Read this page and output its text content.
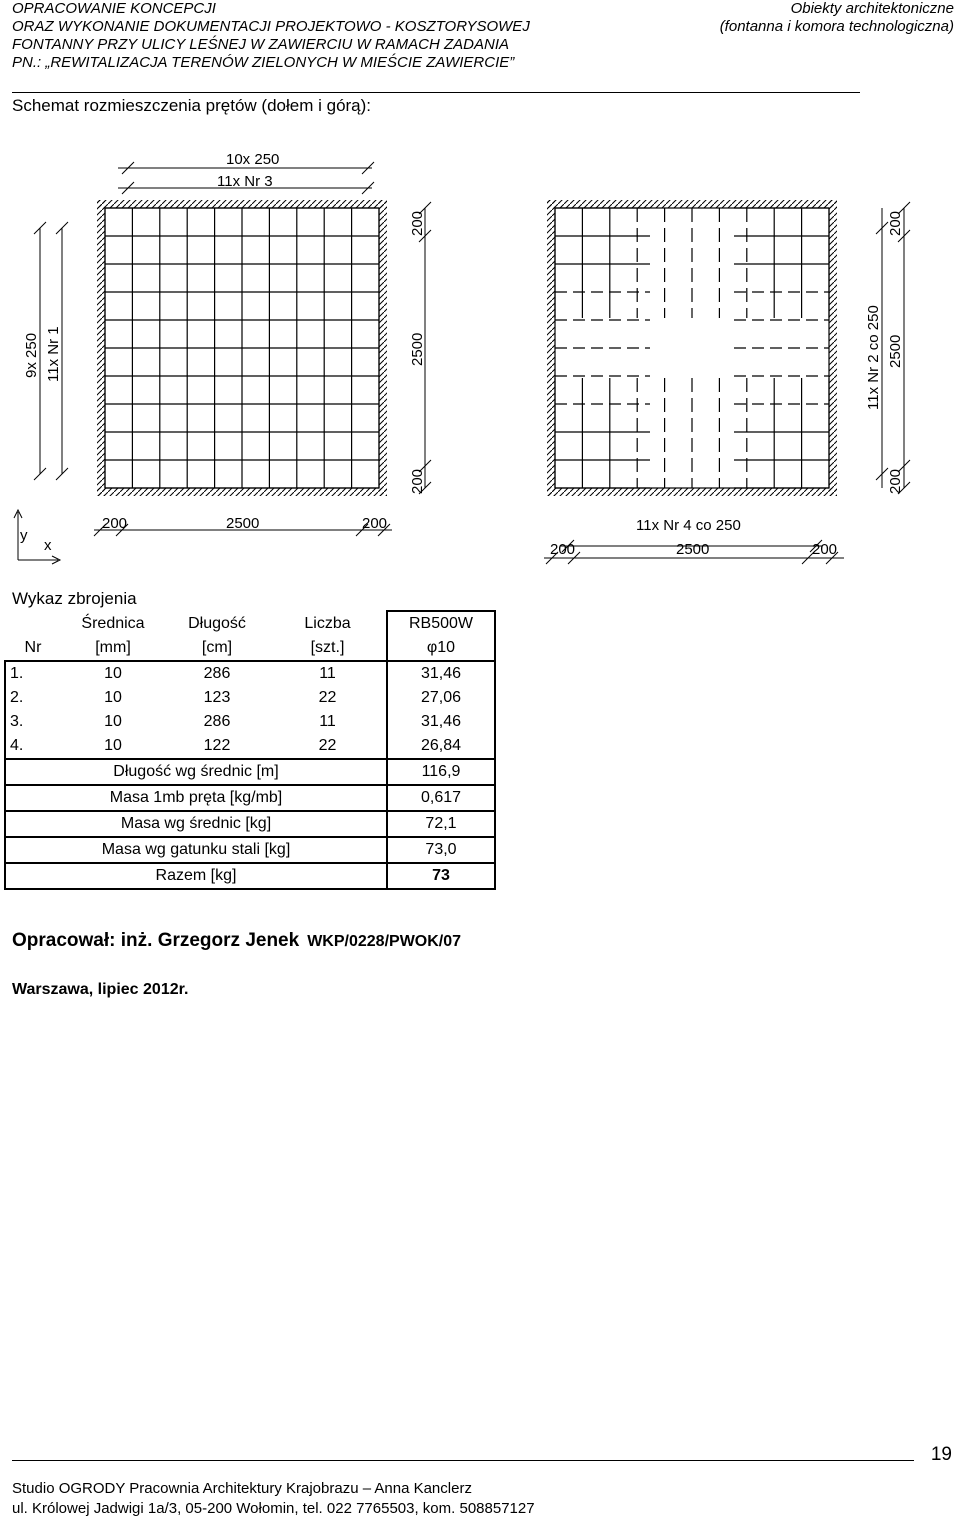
OPRACOWANIE KONCEPCJI
ORAZ WYKONANIE DOKUMENTACJI PROJEKTOWO - KOSZTORYSOWEJ
FONTANNY PRZY ULICY LEŚNEJ W ZAWIERCIU W RAMACH ZADANIA
PN.: „REWITALIZACJA TERENÓW ZIELONYCH W MIEŚCIE ZAWIERCIE”
Obiekty architektoniczne
(fontanna i komora technologiczna)
Schemat rozmieszczenia prętów (dołem i górą):
10x 250
11x Nr 3
9x 250 11x Nr 1
200
2500
200
200	2500	200
y
x
200
11x Nr 2 co 250 2500
200
11x Nr 4 co 250
200	2500	200
Wykaz zbrojenia
	Średnica	Długość	Liczba	RB500W
Nr	[mm]	[cm]	[szt.]	φ10
1.	10	286	11	31,46
2.	10	123	22	27,06
3.	10	286	11	31,46
4.	10	122	22	26,84
Długość wg średnic [m]				116,9
Masa 1mb pręta [kg/mb]				0,617
Masa wg średnic [kg]				72,1
Masa wg gatunku stali [kg]				73,0
Razem [kg]				73
Opracował: inż. Grzegorz Jenek WKP/0228/PWOK/07
Warszawa, lipiec 2012r.
19
Studio OGRODY Pracownia Architektury Krajobrazu – Anna Kanclerz
ul. Królowej Jadwigi 1a/3, 05-200 Wołomin, tel. 022 7765503, kom. 508857127
